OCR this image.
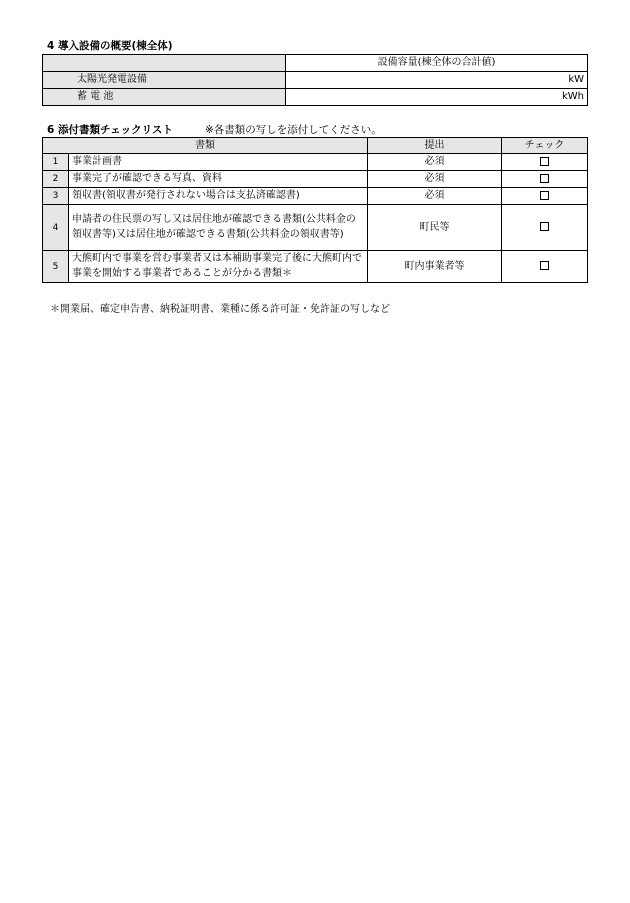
4 導入設備の概要(棟全体)
	設備容量(棟全体の合計値)
太陽光発電設備	kW
蓄 電 池	kWh
6 添付書類チェックリスト	※各書類の写しを添付してください。
書類		提出	チェック
1	事業計画書	必須	
2	事業完了が確認できる写真、資料	必須	
3	領収書(領収書が発行されない場合は支払済確認書)	必須	
4	申請者の住民票の写し又は居住地が確認できる書類(公共料金の領収書等)又は居住地が確認できる書類(公共料金の領収書等)	町民等	
5	大熊町内で事業を営む事業者又は本補助事業完了後に大熊町内で事業を開始する事業者であることが分かる書類＊	町内事業者等	
＊開業届、確定申告書、納税証明書、業種に係る許可証・免許証の写しなど
